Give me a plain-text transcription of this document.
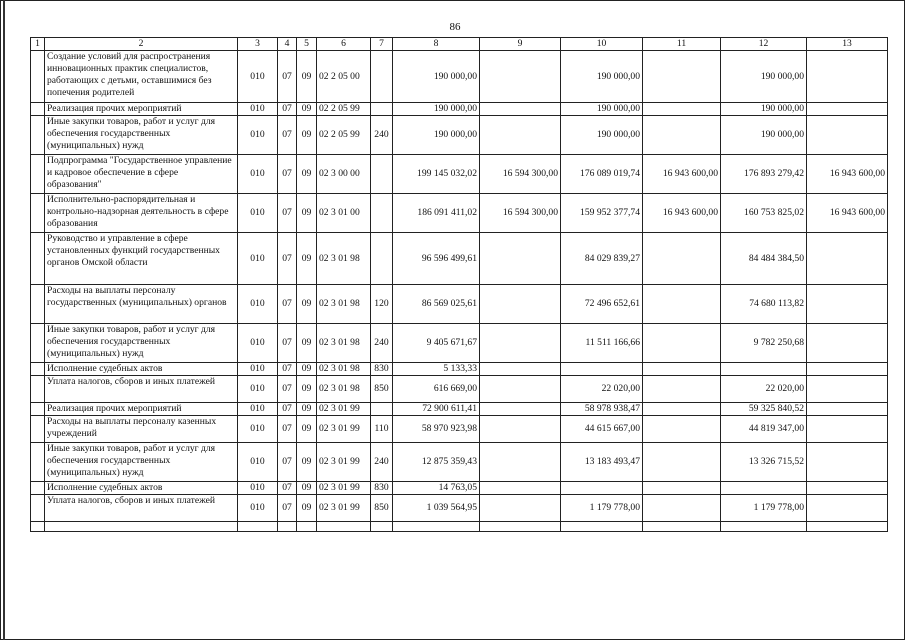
86
1	2	3	4	5	6	7	8	9	10	11	12	13
	Создание условий для распространения инновационных практик специалистов, работающих с детьми, оставшимися без попечения родителей	010	07	09	02 2 05 00		190 000,00		190 000,00		190 000,00	
	Реализация прочих мероприятий	010	07	09	02 2 05 99		190 000,00		190 000,00		190 000,00	
	Иные закупки товаров, работ и услуг для обеспечения государственных (муниципальных) нужд	010	07	09	02 2 05 99	240	190 000,00		190 000,00		190 000,00	
	Подпрограмма "Государственное управление и кадровое обеспечение в сфере образования"	010	07	09	02 3 00 00		199 145 032,02	16 594 300,00	176 089 019,74	16 943 600,00	176 893 279,42	16 943 600,00
	Исполнительно-распорядительная и контрольно-надзорная деятельность в сфере образования	010	07	09	02 3 01 00		186 091 411,02	16 594 300,00	159 952 377,74	16 943 600,00	160 753 825,02	16 943 600,00
	Руководство и управление в сфере установленных функций государственных органов Омской области	010	07	09	02 3 01 98		96 596 499,61		84 029 839,27		84 484 384,50	
	Расходы на выплаты персоналу государственных (муниципальных) органов	010	07	09	02 3 01 98	120	86 569 025,61		72 496 652,61		74 680 113,82	
	Иные закупки товаров, работ и услуг для обеспечения государственных (муниципальных) нужд	010	07	09	02 3 01 98	240	9 405 671,67		11 511 166,66		9 782 250,68	
	Исполнение судебных актов	010	07	09	02 3 01 98	830	5 133,33					
	Уплата налогов, сборов и иных платежей	010	07	09	02 3 01 98	850	616 669,00		22 020,00		22 020,00	
	Реализация прочих мероприятий	010	07	09	02 3 01 99		72 900 611,41		58 978 938,47		59 325 840,52	
	Расходы на выплаты персоналу казенных учреждений	010	07	09	02 3 01 99	110	58 970 923,98		44 615 667,00		44 819 347,00	
	Иные закупки товаров, работ и услуг для обеспечения государственных (муниципальных) нужд	010	07	09	02 3 01 99	240	12 875 359,43		13 183 493,47		13 326 715,52	
	Исполнение судебных актов	010	07	09	02 3 01 99	830	14 763,05					
	Уплата налогов, сборов и иных платежей	010	07	09	02 3 01 99	850	1 039 564,95		1 179 778,00		1 179 778,00	
